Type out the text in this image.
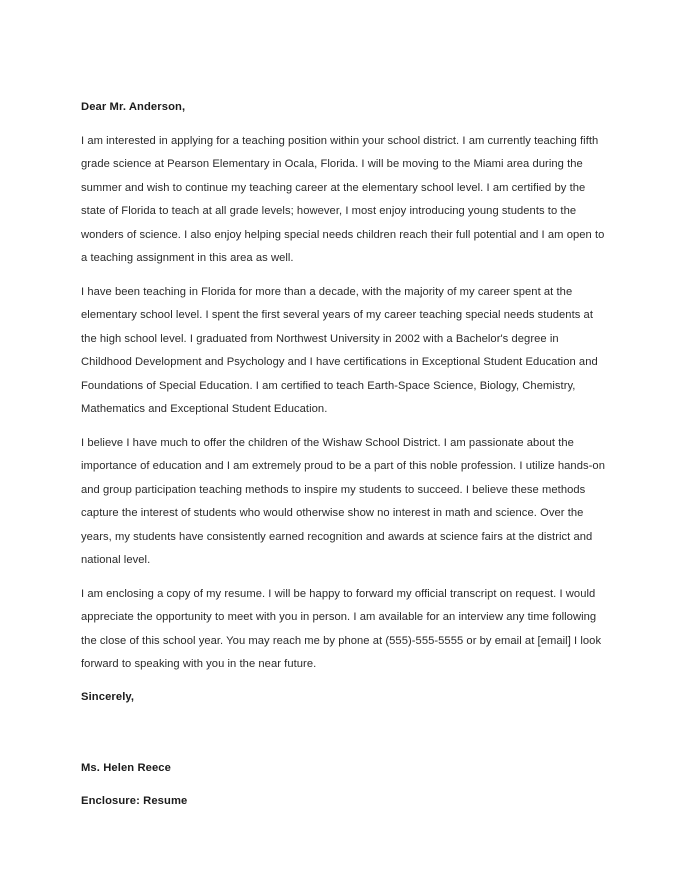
Dear Mr. Anderson,

I am interested in applying for a teaching position within your school district. I am currently teaching fifth grade science at Pearson Elementary in Ocala, Florida. I will be moving to the Miami area during the summer and wish to continue my teaching career at the elementary school level. I am certified by the state of Florida to teach at all grade levels; however, I most enjoy introducing young students to the wonders of science. I also enjoy helping special needs children reach their full potential and I am open to a teaching assignment in this area as well.

I have been teaching in Florida for more than a decade, with the majority of my career spent at the elementary school level. I spent the first several years of my career teaching special needs students at the high school level. I graduated from Northwest University in 2002 with a Bachelor's degree in Childhood Development and Psychology and I have certifications in Exceptional Student Education and Foundations of Special Education. I am certified to teach Earth-Space Science, Biology, Chemistry, Mathematics and Exceptional Student Education.

I believe I have much to offer the children of the Wishaw School District. I am passionate about the importance of education and I am extremely proud to be a part of this noble profession. I utilize hands-on and group participation teaching methods to inspire my students to succeed. I believe these methods capture the interest of students who would otherwise show no interest in math and science. Over the years, my students have consistently earned recognition and awards at science fairs at the district and national level.

I am enclosing a copy of my resume. I will be happy to forward my official transcript on request. I would appreciate the opportunity to meet with you in person. I am available for an interview any time following the close of this school year. You may reach me by phone at (555)-555-5555 or by email at [email] I look forward to speaking with you in the near future.

Sincerely,
Ms. Helen Reece
Enclosure: Resume
